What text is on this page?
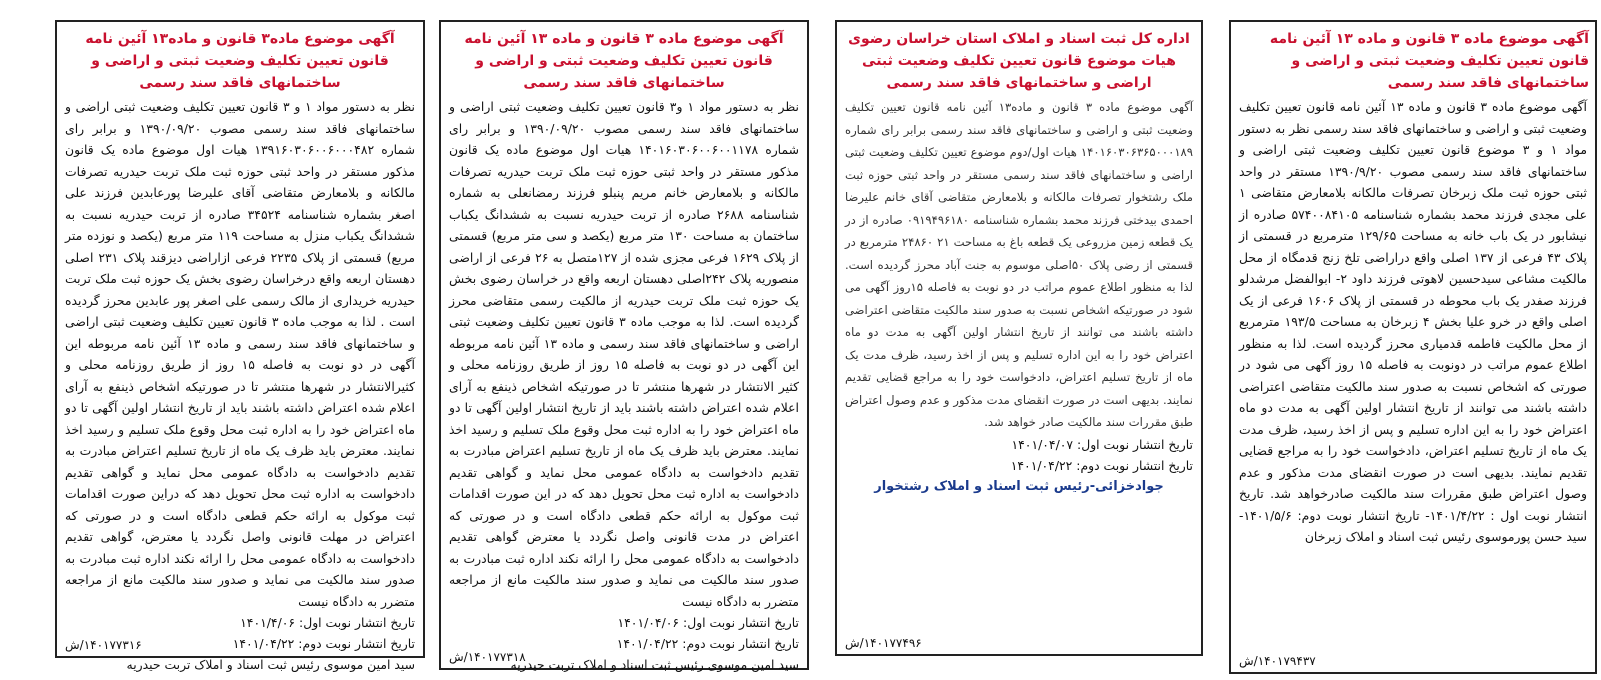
آگهی موضوع ماده ۳ قانون و ماده ۱۳ آئین نامه قانون تعیین تکلیف وضعیت ثبتی و اراضی و ساختمانهای فاقد سند رسمی
آگهی موضوع ماده ۳ قانون و ماده ۱۳ آئین نامه قانون تعیین تکلیف وضعیت ثبتی و اراضی و ساختمانهای فاقد سند رسمی نظر به دستور مواد ۱ و ۳ موضوع قانون تعیین تکلیف وضعیت ثبتی اراضی و ساختمانهای فاقد سند رسمی مصوب ۱۳۹۰/۹/۲۰ مستقر در واحد ثبتی حوزه ثبت ملک زبرخان تصرفات مالکانه بلامعارض متقاضی ۱ علی مجدی فرزند محمد بشماره شناسنامه ۵۷۴۰۰۸۴۱۰۵ صادره از نیشابور در یک باب خانه به مساحت ۱۲۹/۶۵ مترمربع در قسمتی از پلاک ۴۳ فرعی از ۱۳۷ اصلی واقع دراراضی تلخ زنج قدمگاه از محل مالکیت مشاعی سیدحسین لاهوتی فرزند داود ۲- ابوالفضل مرشدلو فرزند صفدر یک باب محوطه در قسمتی از پلاک ۱۶۰۶ فرعی از یک اصلی واقع در خرو علیا بخش ۴ زبرخان به مساحت ۱۹۳/۵ مترمربع از محل مالکیت فاطمه قدمیاری محرز گردیده است. لذا به منظور اطلاع عموم مراتب در دونوبت به فاصله ۱۵ روز آگهی می شود در صورتی که اشخاص نسبت به صدور سند مالکیت متقاضی اعتراضی داشته باشند می توانند از تاریخ انتشار اولین آگهی به مدت دو ماه اعتراض خود را به این اداره تسلیم و پس از اخذ رسید، ظرف مدت یک ماه از تاریخ تسلیم اعتراض، دادخواست خود را به مراجع قضایی تقدیم نمایند. بدیهی است در صورت انقضای مدت مذکور و عدم وصول اعتراض طبق مقررات سند مالکیت صادرخواهد شد. تاریخ انتشار نوبت اول : ۱۴۰۱/۴/۲۲- تاریخ انتشار نوبت دوم: ۱۴۰۱/۵/۶- سید حسن پورموسوی رئیس ثبت اسناد و املاک زبرخان
۱۴۰۱۷۹۴۳۷/ش
اداره کل ثبت اسناد و املاک استان خراسان رضوی هیات موضوع قانون تعیین تکلیف وضعیت ثبتی اراضی و ساختمانهای فاقد سند رسمی
آگهی موضوع ماده ۳ قانون و ماده۱۳ آئین نامه قانون تعیین تکلیف وضعیت ثبتی و اراضی و ساختمانهای فاقد سند رسمی برابر رای شماره ۱۴۰۱۶۰۳۰۶۳۶۵۰۰۰۱۸۹ هیات اول/دوم موضوع تعیین تکلیف وضعیت ثبتی اراضی و ساختمانهای فاقد سند رسمی مستقر در واحد ثبتی حوزه ثبت ملک رشتخوار تصرفات مالکانه و بلامعارض متقاضی آقای خانم علیرضا احمدی بیدختی فرزند محمد بشماره شناسنامه ۰۹۱۹۴۹۶۱۸۰ صادره از در یک قطعه زمین مزروعی یک قطعه باغ به مساحت ۲۱ ۲۴۸۶۰ مترمربع در قسمتی از رضی پلاک ۵۰اصلی موسوم به جنت آباد محرز گردیده است. لذا به منظور اطلاع عموم مراتب در دو نوبت به فاصله ۱۵روز آگهی می شود در صورتیکه اشخاص نسبت به صدور سند مالکیت متقاضی اعتراضی داشته باشند می توانند از تاریخ انتشار اولین آگهی به مدت دو ماه اعتراض خود را به این اداره تسلیم و پس از اخذ رسید، ظرف مدت یک ماه از تاریخ تسلیم اعتراض، دادخواست خود را به مراجع قضایی تقدیم نمایند. بدیهی است در صورت انقضای مدت مذکور و عدم وصول اعتراض طبق مقررات سند مالکیت صادر خواهد شد.
تاریخ انتشار نوبت اول: ۱۴۰۱/۰۴/۰۷
تاریخ انتشار نوبت دوم: ۱۴۰۱/۰۴/۲۲
جوادخزائی-رئیس ثبت اسناد و املاک رشتخوار
۱۴۰۱۷۷۴۹۶/ش
آگهی موضوع ماده ۳ قانون و ماده ۱۳ آئین نامه قانون تعیین تکلیف وضعیت ثبتی و اراضی و ساختمانهای فاقد سند رسمی
نظر به دستور مواد ۱ و۳ قانون تعیین تکلیف وضعیت ثبتی اراضی و ساختمانهای فاقد سند رسمی مصوب ۱۳۹۰/۰۹/۲۰ و برابر رای شماره ۱۴۰۱۶۰۳۰۶۰۰۶۰۰۱۱۷۸ هیات اول موضوع ماده یک قانون مذکور مستقر در واحد ثبتی حوزه ثبت ملک تربت حیدریه تصرفات مالکانه و بلامعارض خانم مریم پنبلو فرزند رمضانعلی به شماره شناسنامه ۲۶۸۸ صادره از تربت حیدریه نسبت به ششدانگ یکباب ساختمان به مساحت ۱۳۰ متر مربع (یکصد و سی متر مربع) قسمتی از پلاک ۱۶۲۹ فرعی مجزی شده از ۱۲۷متصل به ۲۶ فرعی از اراضی منصوریه پلاک ۲۴۲اصلی دهستان اربعه واقع در خراسان رضوی بخش یک حوزه ثبت ملک تربت حیدریه از مالکیت رسمی متقاضی محرز گردیده است. لذا به موجب ماده ۳ قانون تعیین تکلیف وضعیت ثبتی اراضی و ساختمانهای فاقد سند رسمی و ماده ۱۳ آئین نامه مربوطه این آگهی در دو نوبت به فاصله ۱۵ روز از طریق روزنامه محلی و کثیر الانتشار در شهرها منتشر تا در صورتیکه اشخاص ذینفع به آرای اعلام شده اعتراض داشته باشند باید از تاریخ انتشار اولین آگهی تا دو ماه اعتراض خود را به اداره ثبت محل وقوع ملک تسلیم و رسید اخذ نمایند. معترض باید ظرف یک ماه از تاریخ تسلیم اعتراض مبادرت به تقدیم دادخواست به دادگاه عمومی محل نماید و گواهی تقدیم دادخواست به اداره ثبت محل تحویل دهد که در این صورت اقدامات ثبت موکول به ارائه حکم قطعی دادگاه است و در صورتی که اعتراض در مدت قانونی واصل نگردد یا معترض گواهی تقدیم دادخواست به دادگاه عمومی محل را ارائه نکند اداره ثبت مبادرت به صدور سند مالکیت می نماید و صدور سند مالکیت مانع از مراجعه متضرر به دادگاه نیست
تاریخ انتشار نوبت اول: ۱۴۰۱/۰۴/۰۶
تاریخ انتشار نوبت دوم: ۱۴۰۱/۰۴/۲۲
سید امین موسوی رئیس ثبت اسناد و املاک تربت حیدریه
۱۴۰۱۷۷۳۱۸/ش
آگهی موضوع ماده۳ قانون و ماده۱۳ آئین نامه قانون تعیین تکلیف وضعیت ثبتی و اراضی و ساختمانهای فاقد سند رسمی
نظر به دستور مواد ۱ و ۳ قانون تعیین تکلیف وضعیت ثبتی اراضی و ساختمانهای فاقد سند رسمی مصوب ۱۳۹۰/۰۹/۲۰ و برابر رای شماره ۱۳۹۱۶۰۳۰۶۰۰۶۰۰۰۴۸۲ هیات اول موضوع ماده یک قانون مذکور مستقر در واحد ثبتی حوزه ثبت ملک تربت حیدریه تصرفات مالکانه و بلامعارض متقاضی آقای علیرضا پورعابدین فرزند علی اصغر بشماره شناسنامه ۳۴۵۲۴ صادره از تربت حیدریه نسبت به ششدانگ یکباب منزل به مساحت ۱۱۹ متر مربع (یکصد و نوزده متر مربع) قسمتی از پلاک ۲۲۳۵ فرعی ازاراضی دیزقند پلاک ۲۳۱ اصلی دهستان اربعه واقع درخراسان رضوی بخش یک حوزه ثبت ملک تربت حیدریه خریداری از مالک رسمی علی اصغر پور عابدین محرز گردیده است . لذا به موجب ماده ۳ قانون تعیین تکلیف وضعیت ثبتی اراضی و ساختمانهای فاقد سند رسمی و ماده ۱۳ آئین نامه مربوطه این آگهی در دو نوبت به فاصله ۱۵ روز از طریق روزنامه محلی و کثیرالانتشار در شهرها منتشر تا در صورتیکه اشخاص ذینفع به آرای اعلام شده اعتراض داشته باشند باید از تاریخ انتشار اولین آگهی تا دو ماه اعتراض خود را به اداره ثبت محل وقوع ملک تسلیم و رسید اخذ نمایند. معترض باید ظرف یک ماه از تاریخ تسلیم اعتراض مبادرت به تقدیم دادخواست به دادگاه عمومی محل نماید و گواهی تقدیم دادخواست به اداره ثبت محل تحویل دهد که دراین صورت اقدامات ثبت موکول به ارائه حکم قطعی دادگاه است و در صورتی که اعتراض در مهلت قانونی واصل نگردد یا معترض، گواهی تقدیم دادخواست به دادگاه عمومی محل را ارائه نکند اداره ثبت مبادرت به صدور سند مالکیت می نماید و صدور سند مالکیت مانع از مراجعه متضرر به دادگاه نیست
تاریخ انتشار نوبت اول: ۱۴۰۱/۴/۰۶
تاریخ انتشار نوبت دوم: ۱۴۰۱/۰۴/۲۲
سید امین موسوی رئیس ثبت اسناد و املاک تربت حیدریه
۱۴۰۱۷۷۳۱۶/ش
